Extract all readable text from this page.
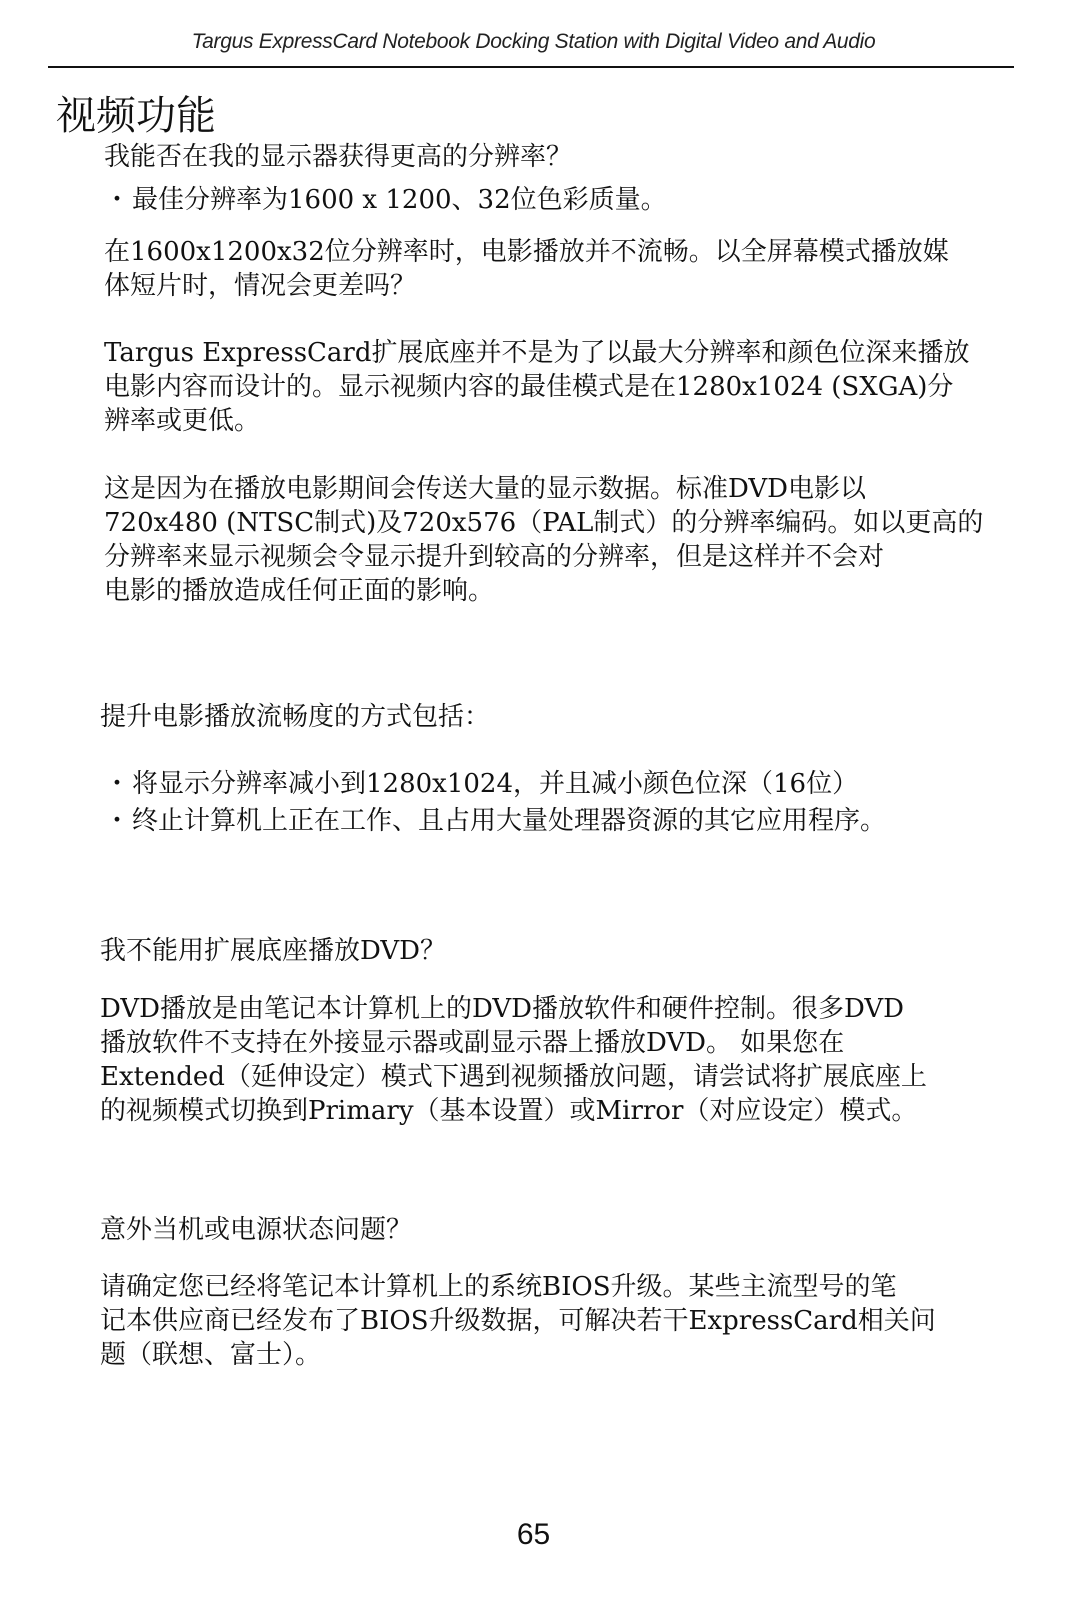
Targus ExpressCard Notebook Docking Station with Digital Video and Audio
视频功能

我能否在我的显示器获得更高的分辨率？

・最佳分辨率为1600 x 1200、32位色彩质量。
在1600x1200x32位分辨率时，电影播放并不流畅。以全屏幕模式播放媒
体短片时，情况会更差吗？
Targus ExpressCard扩展底座并不是为了以最大分辨率和颜色位深来播放
电影内容而设计的。显示视频内容的最佳模式是在1280x1024 (SXGA)分
辨率或更低。
这是因为在播放电影期间会传送大量的显示数据。标准DVD电影以
720x480 (NTSC制式)及720x576（PAL制式）的分辨率编码。如以更高的
分辨率来显示视频会令显示提升到较高的分辨率，但是这样并不会对
电影的播放造成任何正面的影响。

提升电影播放流畅度的方式包括：

・将显示分辨率减小到1280x1024，并且减小颜色位深（16位）
・终止计算机上正在工作、且占用大量处理器资源的其它应用程序。

我不能用扩展底座播放DVD？

DVD播放是由笔记本计算机上的DVD播放软件和硬件控制。很多DVD
播放软件不支持在外接显示器或副显示器上播放DVD。 如果您在
Extended（延伸设定）模式下遇到视频播放问题，请尝试将扩展底座上
的视频模式切换到Primary（基本设置）或Mirror（对应设定）模式。

意外当机或电源状态问题？

请确定您已经将笔记本计算机上的系统BIOS升级。某些主流型号的笔
记本供应商已经发布了BIOS升级数据，可解决若干ExpressCard相关问
题（联想、富士）。
65
